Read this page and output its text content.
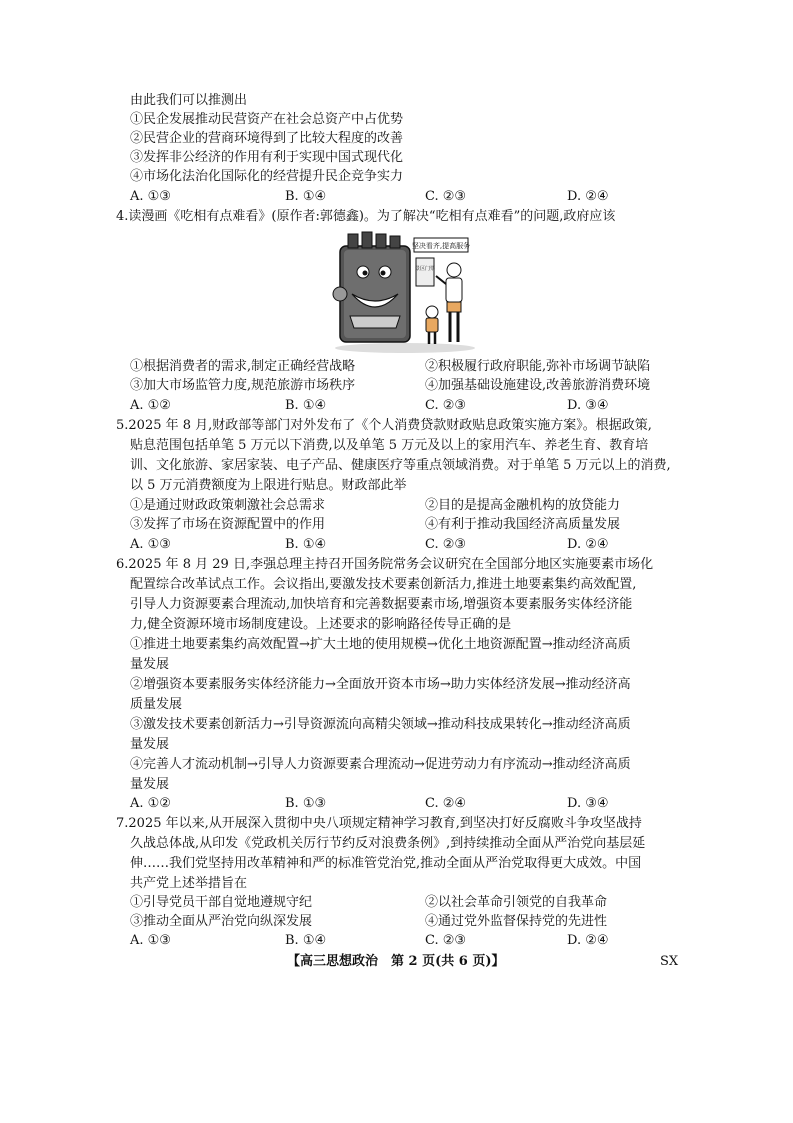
由此我们可以推测出
①民企发展推动民营资产在社会总资产中占优势
②民营企业的营商环境得到了比较大程度的改善
③发挥非公经济的作用有利于实现中国式现代化
④市场化法治化国际化的经营提升民企竞争实力
A. ①③	B. ①④	C. ②③	D. ②④
4.读漫画《吃相有点难看》(原作者:郭德鑫)。为了解决“吃相有点难看”的问题,政府应该
坚决看齐,提高服务
景区门票
①根据消费者的需求,制定正确经营战略	②积极履行政府职能,弥补市场调节缺陷
③加大市场监管力度,规范旅游市场秩序	④加强基础设施建设,改善旅游消费环境
A. ①②	B. ①④	C. ②③	D. ③④
5.2025 年 8 月,财政部等部门对外发布了《个人消费贷款财政贴息政策实施方案》。根据政策,
贴息范围包括单笔 5 万元以下消费,以及单笔 5 万元及以上的家用汽车、养老生育、教育培
训、文化旅游、家居家装、电子产品、健康医疗等重点领域消费。对于单笔 5 万元以上的消费,
以 5 万元消费额度为上限进行贴息。财政部此举
①是通过财政政策刺激社会总需求	②目的是提高金融机构的放贷能力
③发挥了市场在资源配置中的作用	④有利于推动我国经济高质量发展
A. ①③	B. ①④	C. ②③	D. ②④
6.2025 年 8 月 29 日,李强总理主持召开国务院常务会议研究在全国部分地区实施要素市场化
配置综合改革试点工作。会议指出,要激发技术要素创新活力,推进土地要素集约高效配置,
引导人力资源要素合理流动,加快培育和完善数据要素市场,增强资本要素服务实体经济能
力,健全资源环境市场制度建设。上述要求的影响路径传导正确的是
①推进土地要素集约高效配置→扩大土地的使用规模→优化土地资源配置→推动经济高质
量发展
②增强资本要素服务实体经济能力→全面放开资本市场→助力实体经济发展→推动经济高
质量发展
③激发技术要素创新活力→引导资源流向高精尖领域→推动科技成果转化→推动经济高质
量发展
④完善人才流动机制→引导人力资源要素合理流动→促进劳动力有序流动→推动经济高质
量发展
A. ①②	B. ①③	C. ②④	D. ③④
7.2025 年以来,从开展深入贯彻中央八项规定精神学习教育,到坚决打好反腐败斗争攻坚战持
久战总体战,从印发《党政机关厉行节约反对浪费条例》,到持续推动全面从严治党向基层延
伸……我们党坚持用改革精神和严的标准管党治党,推动全面从严治党取得更大成效。中国
共产党上述举措旨在
①引导党员干部自觉地遵规守纪	②以社会革命引领党的自我革命
③推动全面从严治党向纵深发展	④通过党外监督保持党的先进性
A. ①③	B. ①④	C. ②③	D. ②④
【高三思想政治　第 2 页(共 6 页)】	SX
